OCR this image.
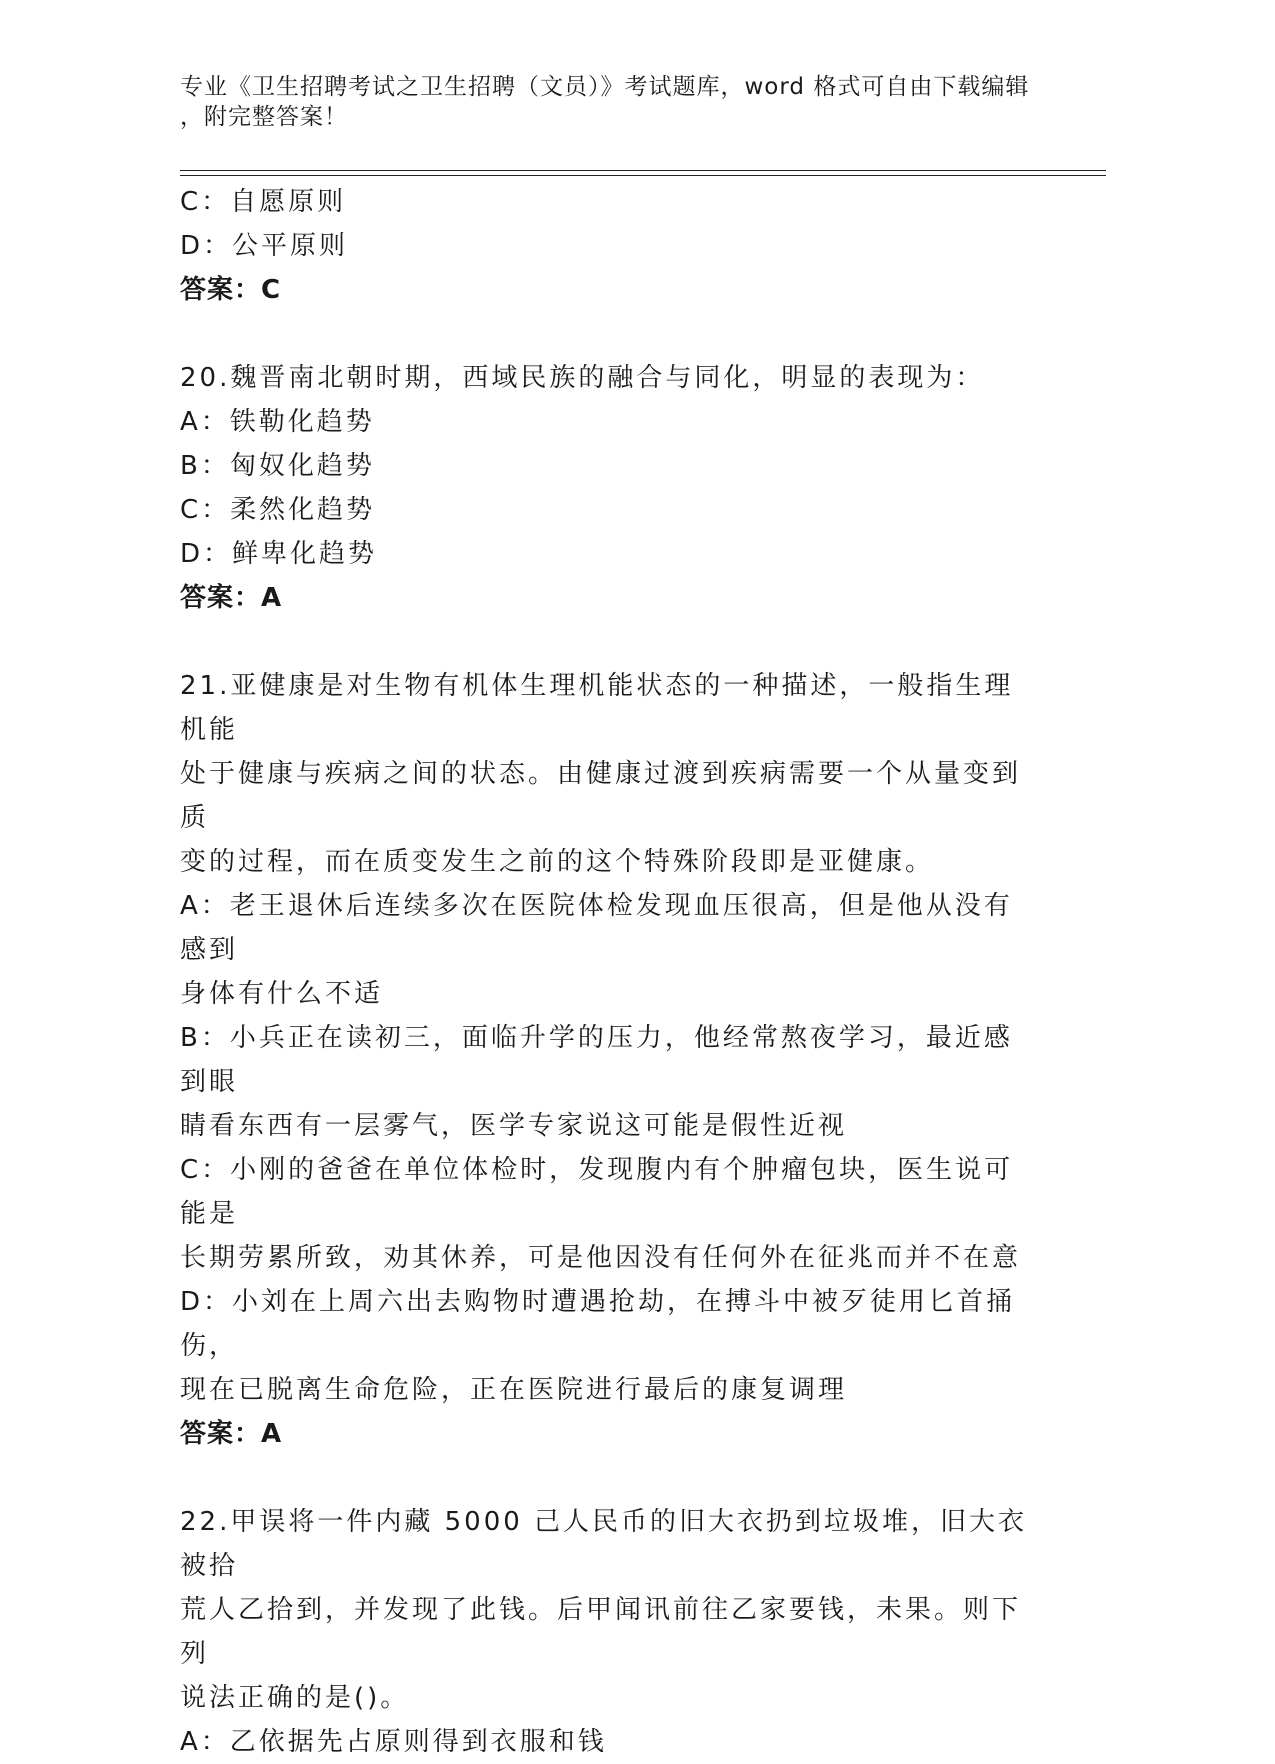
专业《卫生招聘考试之卫生招聘（文员）》考试题库，word 格式可自由下载编辑
，附完整答案！

C：自愿原则

D：公平原则

答案：C

20.魏晋南北朝时期，西域民族的融合与同化，明显的表现为：

A：铁勒化趋势

B：匈奴化趋势

C：柔然化趋势

D：鲜卑化趋势

答案：A

21.亚健康是对生物有机体生理机能状态的一种描述，一般指生理机能

处于健康与疾病之间的状态。由健康过渡到疾病需要一个从量变到质

变的过程，而在质变发生之前的这个特殊阶段即是亚健康。

A：老王退休后连续多次在医院体检发现血压很高，但是他从没有感到

身体有什么不适

B：小兵正在读初三，面临升学的压力，他经常熬夜学习，最近感到眼

睛看东西有一层雾气，医学专家说这可能是假性近视

C：小刚的爸爸在单位体检时，发现腹内有个肿瘤包块，医生说可能是

长期劳累所致，劝其休养，可是他因没有任何外在征兆而并不在意

D：小刘在上周六出去购物时遭遇抢劫，在搏斗中被歹徒用匕首捅伤，

现在已脱离生命危险，正在医院进行最后的康复调理

答案：A

22.甲误将一件内藏 5000 己人民币的旧大衣扔到垃圾堆，旧大衣被拾

荒人乙拾到，并发现了此钱。后甲闻讯前往乙家要钱，未果。则下列

说法正确的是()。

A：乙依据先占原则得到衣服和钱
